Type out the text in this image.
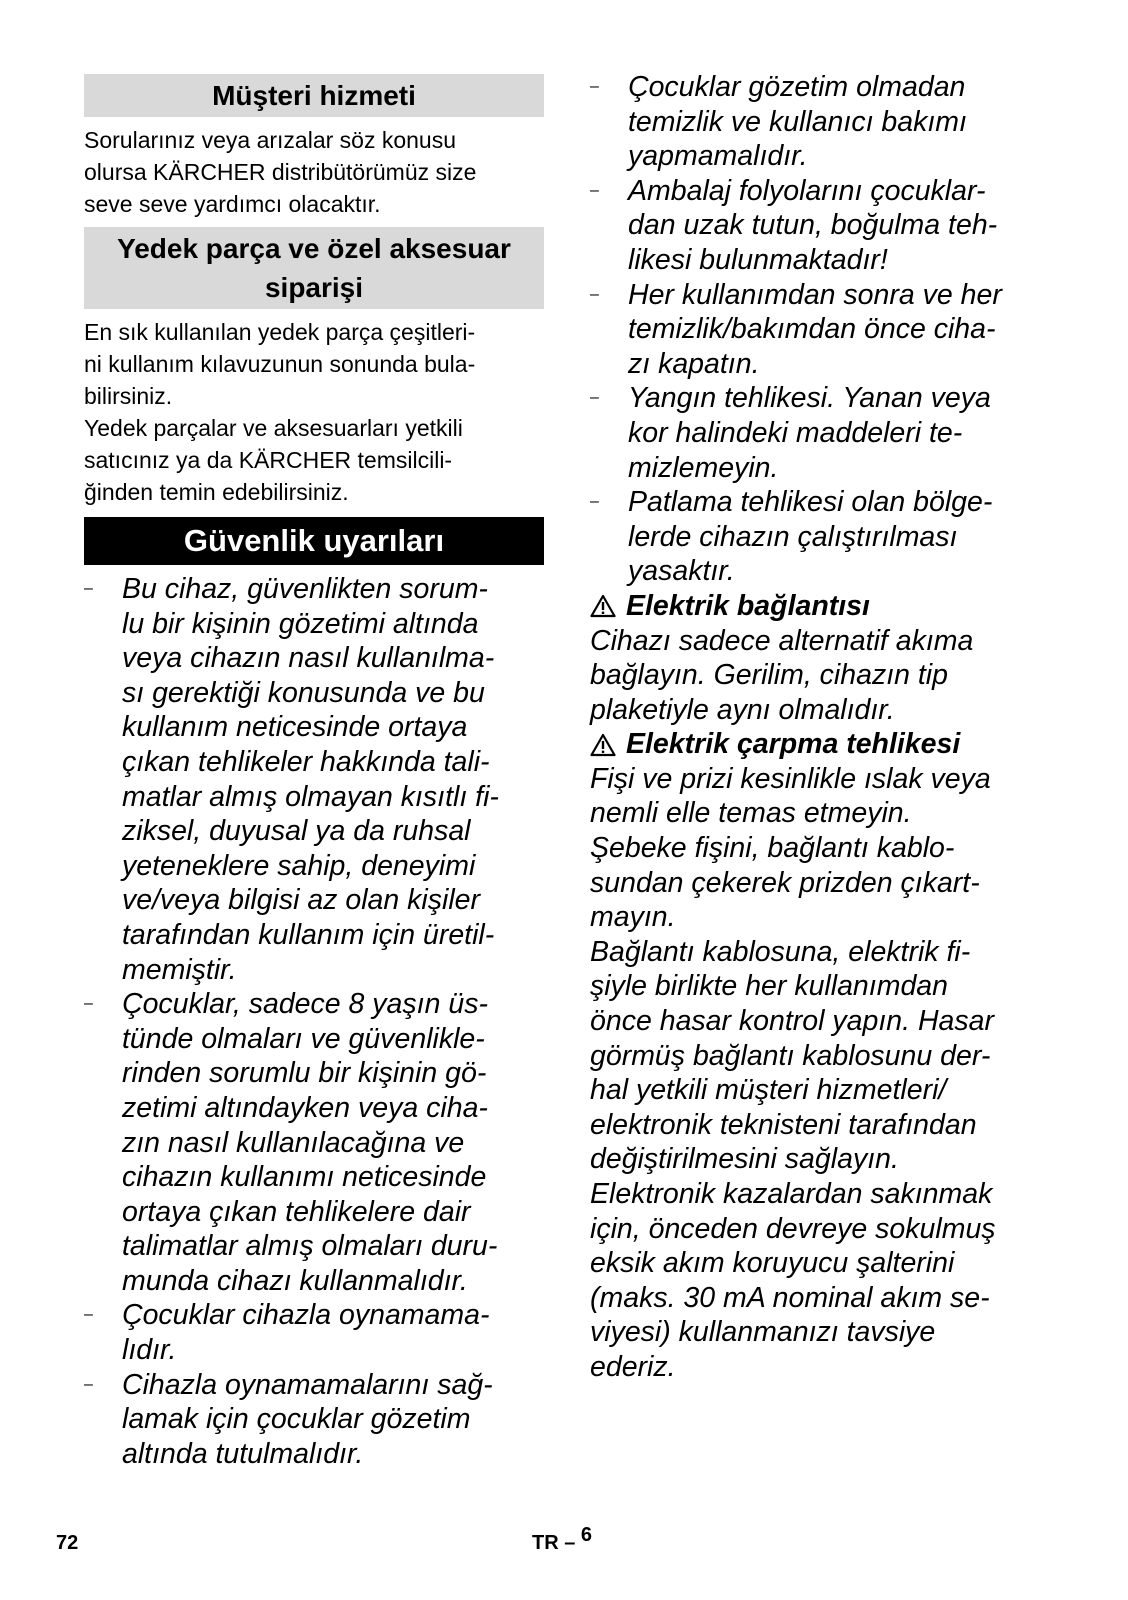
Müşteri hizmeti

Sorularınız veya arızalar söz konusu

olursa KÄRCHER distribütörümüz size

seve seve yardımcı olacaktır.

Yedek parça ve özel aksesuar
siparişi

En sık kullanılan yedek parça çeşitleri-

ni kullanım kılavuzunun sonunda bula-

bilirsiniz.

Yedek parçalar ve aksesuarları yetkili

satıcınız ya da KÄRCHER temsilcili-

ğinden temin edebilirsiniz.

Güvenlik uyarıları
– Bu cihaz, güvenlikten sorum-
lu bir kişinin gözetimi altında
veya cihazın nasıl kullanılma-
sı gerektiği konusunda ve bu
kullanım neticesinde ortaya
çıkan tehlikeler hakkında tali-
matlar almış olmayan kısıtlı fi-
ziksel, duyusal ya da ruhsal
yeteneklere sahip, deneyimi
ve/veya bilgisi az olan kişiler
tarafından kullanım için üretil-
memiştir.
– Çocuklar, sadece 8 yaşın üs-
tünde olmaları ve güvenlikle-
rinden sorumlu bir kişinin gö-
zetimi altındayken veya ciha-
zın nasıl kullanılacağına ve
cihazın kullanımı neticesinde
ortaya çıkan tehlikelere dair
talimatlar almış olmaları duru-
munda cihazı kullanmalıdır.
– Çocuklar cihazla oynamama-
lıdır.
– Cihazla oynamamalarını sağ-
lamak için çocuklar gözetim
altında tutulmalıdır.
– Çocuklar gözetim olmadan
temizlik ve kullanıcı bakımı
yapmamalıdır.
– Ambalaj folyolarını çocuklar-
dan uzak tutun, boğulma teh-
likesi bulunmaktadır!
– Her kullanımdan sonra ve her
temizlik/bakımdan önce ciha-
zı kapatın.
– Yangın tehlikesi. Yanan veya
kor halindeki maddeleri te-
mizlemeyin.
– Patlama tehlikesi olan bölge-
lerde cihazın çalıştırılması
yasaktır.
Elektrik bağlantısı

Cihazı sadece alternatif akıma

bağlayın. Gerilim, cihazın tip

plaketiyle aynı olmalıdır.

Elektrik çarpma tehlikesi

Fişi ve prizi kesinlikle ıslak veya

nemli elle temas etmeyin.

Şebeke fişini, bağlantı kablo-

sundan çekerek prizden çıkart-

mayın.

Bağlantı kablosuna, elektrik fi-

şiyle birlikte her kullanımdan

önce hasar kontrol yapın. Hasar

görmüş bağlantı kablosunu der-

hal yetkili müşteri hizmetleri/

elektronik teknisteni tarafından

değiştirilmesini sağlayın.

Elektronik kazalardan sakınmak

için, önceden devreye sokulmuş

eksik akım koruyucu şalterini

(maks. 30 mA nominal akım se-

viyesi) kullanmanızı tavsiye

ederiz.

72	TR – 6
